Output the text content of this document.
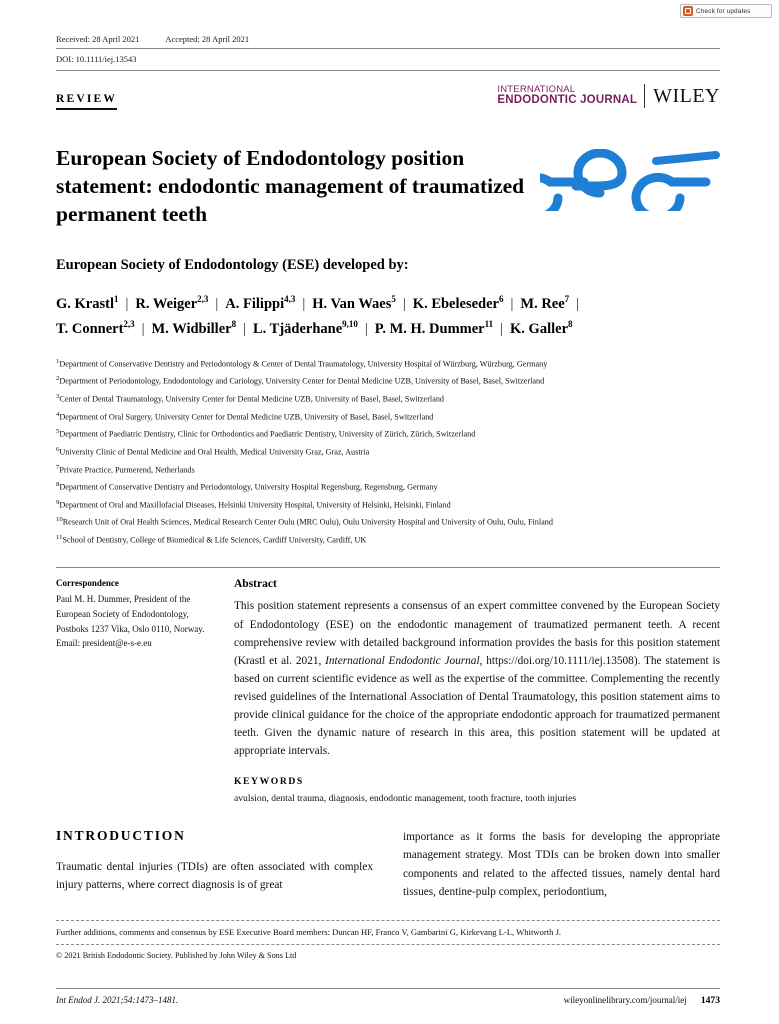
Check for updates
Received: 28 April 2021	Accepted: 28 April 2021
DOI: 10.1111/iej.13543
REVIEW
INTERNATIONAL
ENDODONTIC JOURNAL WILEY
European Society of Endodontology position statement: endodontic management of traumatized permanent teeth
European Society of Endodontology (ESE) developed by:
G. Krastl$^1$ | R. Weiger$^{2,3}$ | A. Filippi$^{4,3}$ | H. Van Waes$^5$ | K. Ebeleseder$^6$ | M. Ree$^7$ |
T. Connert$^{2,3}$ | M. Widbiller$^8$ | L. Tjäderhane$^{9,10}$ | P. M. H. Dummer$^{11}$ | K. Galler$^8$
$^1$Department of Conservative Dentistry and Periodontology & Center of Dental Traumatology, University Hospital of Würzburg, Würzburg, Germany
$^2$Department of Periodontology, Endodontology and Cariology, University Center for Dental Medicine UZB, University of Basel, Basel, Switzerland
$^3$Center of Dental Traumatology, University Center for Dental Medicine UZB, University of Basel, Basel, Switzerland
$^4$Department of Oral Surgery, University Center for Dental Medicine UZB, University of Basel, Basel, Switzerland
$^5$Department of Paediatric Dentistry, Clinic for Orthodontics and Paediatric Dentistry, University of Zürich, Zürich, Switzerland
$^6$University Clinic of Dental Medicine and Oral Health, Medical University Graz, Graz, Austria
$^7$Private Practice, Purmerend, Netherlands
$^8$Department of Conservative Dentistry and Periodontology, University Hospital Regensburg, Regensburg, Germany
$^9$Department of Oral and Maxillofacial Diseases, Helsinki University Hospital, University of Helsinki, Helsinki, Finland
$^{10}$Research Unit of Oral Health Sciences, Medical Research Center Oulu (MRC Oulu), Oulu University Hospital and University of Oulu, Oulu, Finland
$^{11}$School of Dentistry, College of Biomedical & Life Sciences, Cardiff University, Cardiff, UK
Correspondence
Paul M. H. Dummer, President of the European Society of Endodontology, Postboks 1237 Vika, Oslo 0110, Norway.
Email: president@e-s-e.eu
Abstract
This position statement represents a consensus of an expert committee convened by the European Society of Endodontology (ESE) on the endodontic management of traumatized permanent teeth. A recent comprehensive review with detailed background information provides the basis for this position statement (Krastl et al. 2021, International Endodontic Journal, https://doi.org/10.1111/iej.13508). The statement is based on current scientific evidence as well as the expertise of the committee. Complementing the recently revised guidelines of the International Association of Dental Traumatology, this position statement aims to provide clinical guidance for the choice of the appropriate endodontic approach for traumatized permanent teeth. Given the dynamic nature of research in this area, this position statement will be updated at appropriate intervals.
KEYWORDS
avulsion, dental trauma, diagnosis, endodontic management, tooth fracture, tooth injuries
INTRODUCTION
Traumatic dental injuries (TDIs) are often associated with complex injury patterns, where correct diagnosis is of great
importance as it forms the basis for developing the appropriate management strategy. Most TDIs can be broken down into smaller components and related to the affected tissues, namely dental hard tissues, dentine-pulp complex, periodontium,
Further additions, comments and consensus by ESE Executive Board members: Duncan HF, Franco V, Gambarini G, Kirkevang L-L, Whitworth J.
© 2021 British Endodontic Society. Published by John Wiley & Sons Ltd
Int Endod J. 2021;54:1473–1481.	wileyonlinelibrary.com/journal/iej	1473
